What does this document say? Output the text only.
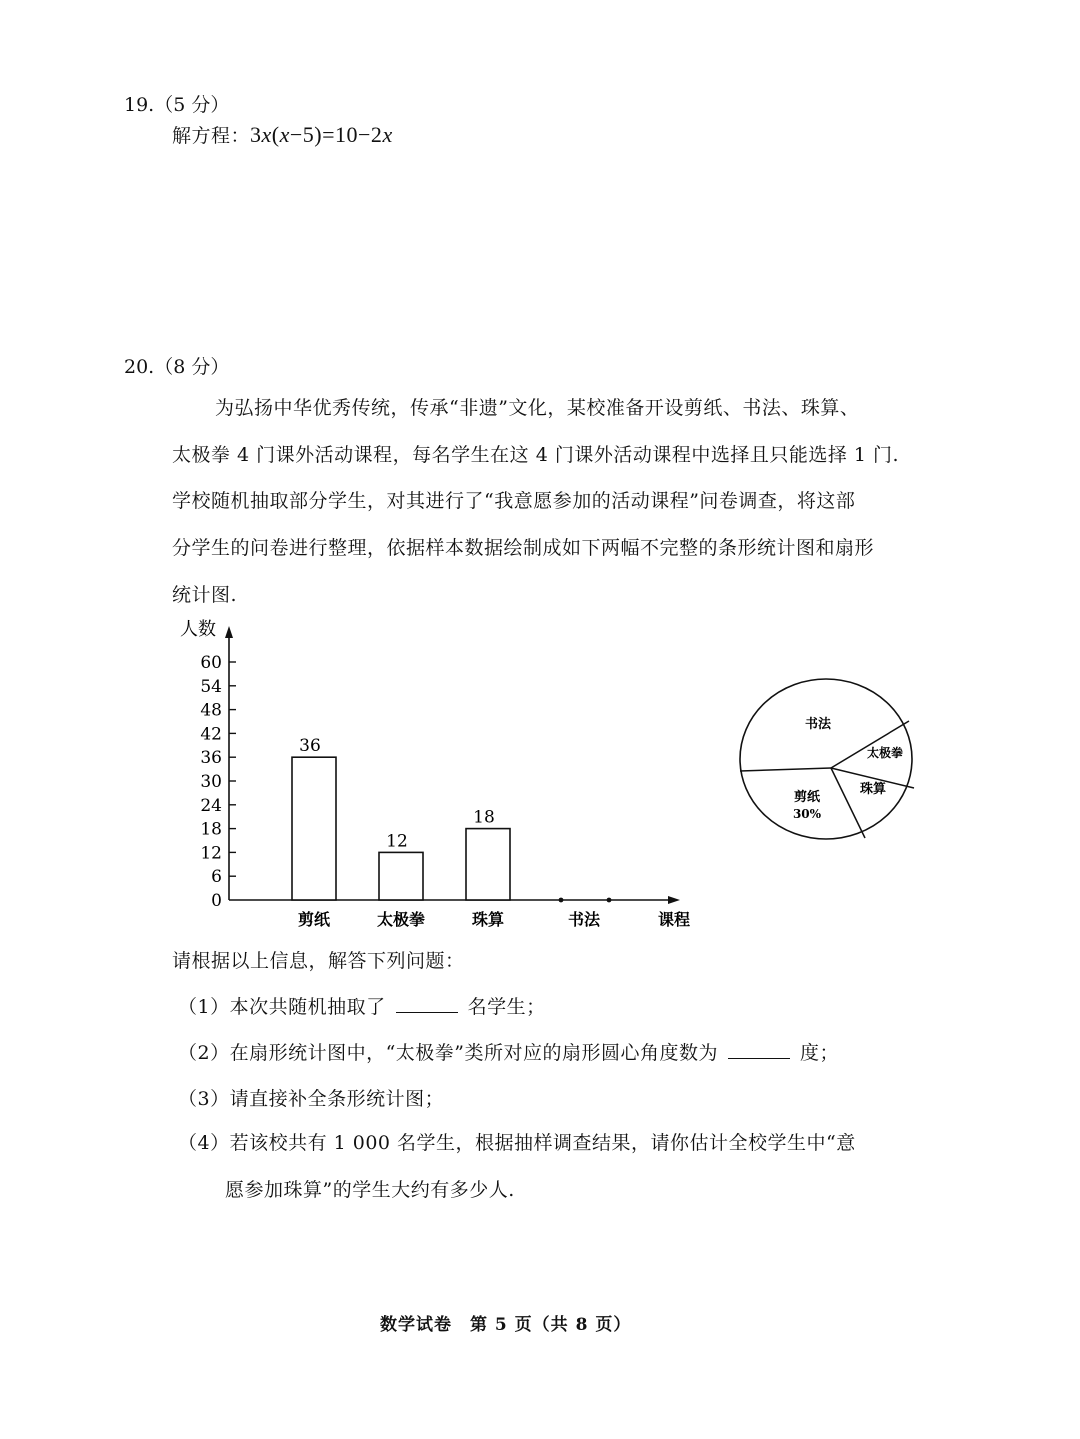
19.（5 分）
解方程：3x(x−5)=10−2x
20.（8 分）
为弘扬中华优秀传统，传承“非遗”文化，某校准备开设剪纸、书法、珠算、
太极拳 4 门课外活动课程，每名学生在这 4 门课外活动课程中选择且只能选择 1 门.
学校随机抽取部分学生，对其进行了“我意愿参加的活动课程”问卷调查，将这部
分学生的问卷进行整理，依据样本数据绘制成如下两幅不完整的条形统计图和扇形
统计图.
人数
0
6
12
18
24
30
36
42
48
54
60
36
剪纸
12
太极拳
18
珠算	书法	课程
书法
太极拳
珠算
剪纸
30%
请根据以上信息，解答下列问题：
（1）本次共随机抽取了	名学生；
（2）在扇形统计图中，“太极拳”类所对应的扇形圆心角度数为	度；
（3）请直接补全条形统计图；
（4）若该校共有 1 000 名学生，根据抽样调查结果，请你估计全校学生中“意
愿参加珠算”的学生大约有多少人.
数学试卷　第 5 页（共 8 页）
